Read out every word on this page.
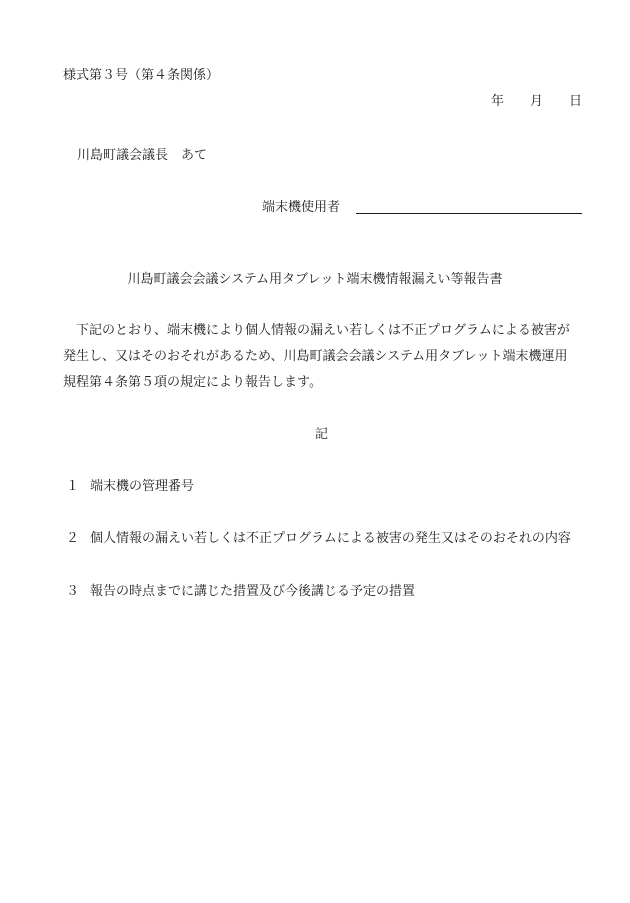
様式第３号（第４条関係）
年 月 日
川島町議会議長　あて
端末機使用者
川島町議会会議システム用タブレット端末機情報漏えい等報告書
　下記のとおり、端末機により個人情報の漏えい若しくは不正プログラムによる被害が
発生し、又はそのおそれがあるため、川島町議会会議システム用タブレット端末機運用
規程第４条第５項の規定により報告します。
記
１ 端末機の管理番号
２ 個人情報の漏えい若しくは不正プログラムによる被害の発生又はそのおそれの内容
３ 報告の時点までに講じた措置及び今後講じる予定の措置
